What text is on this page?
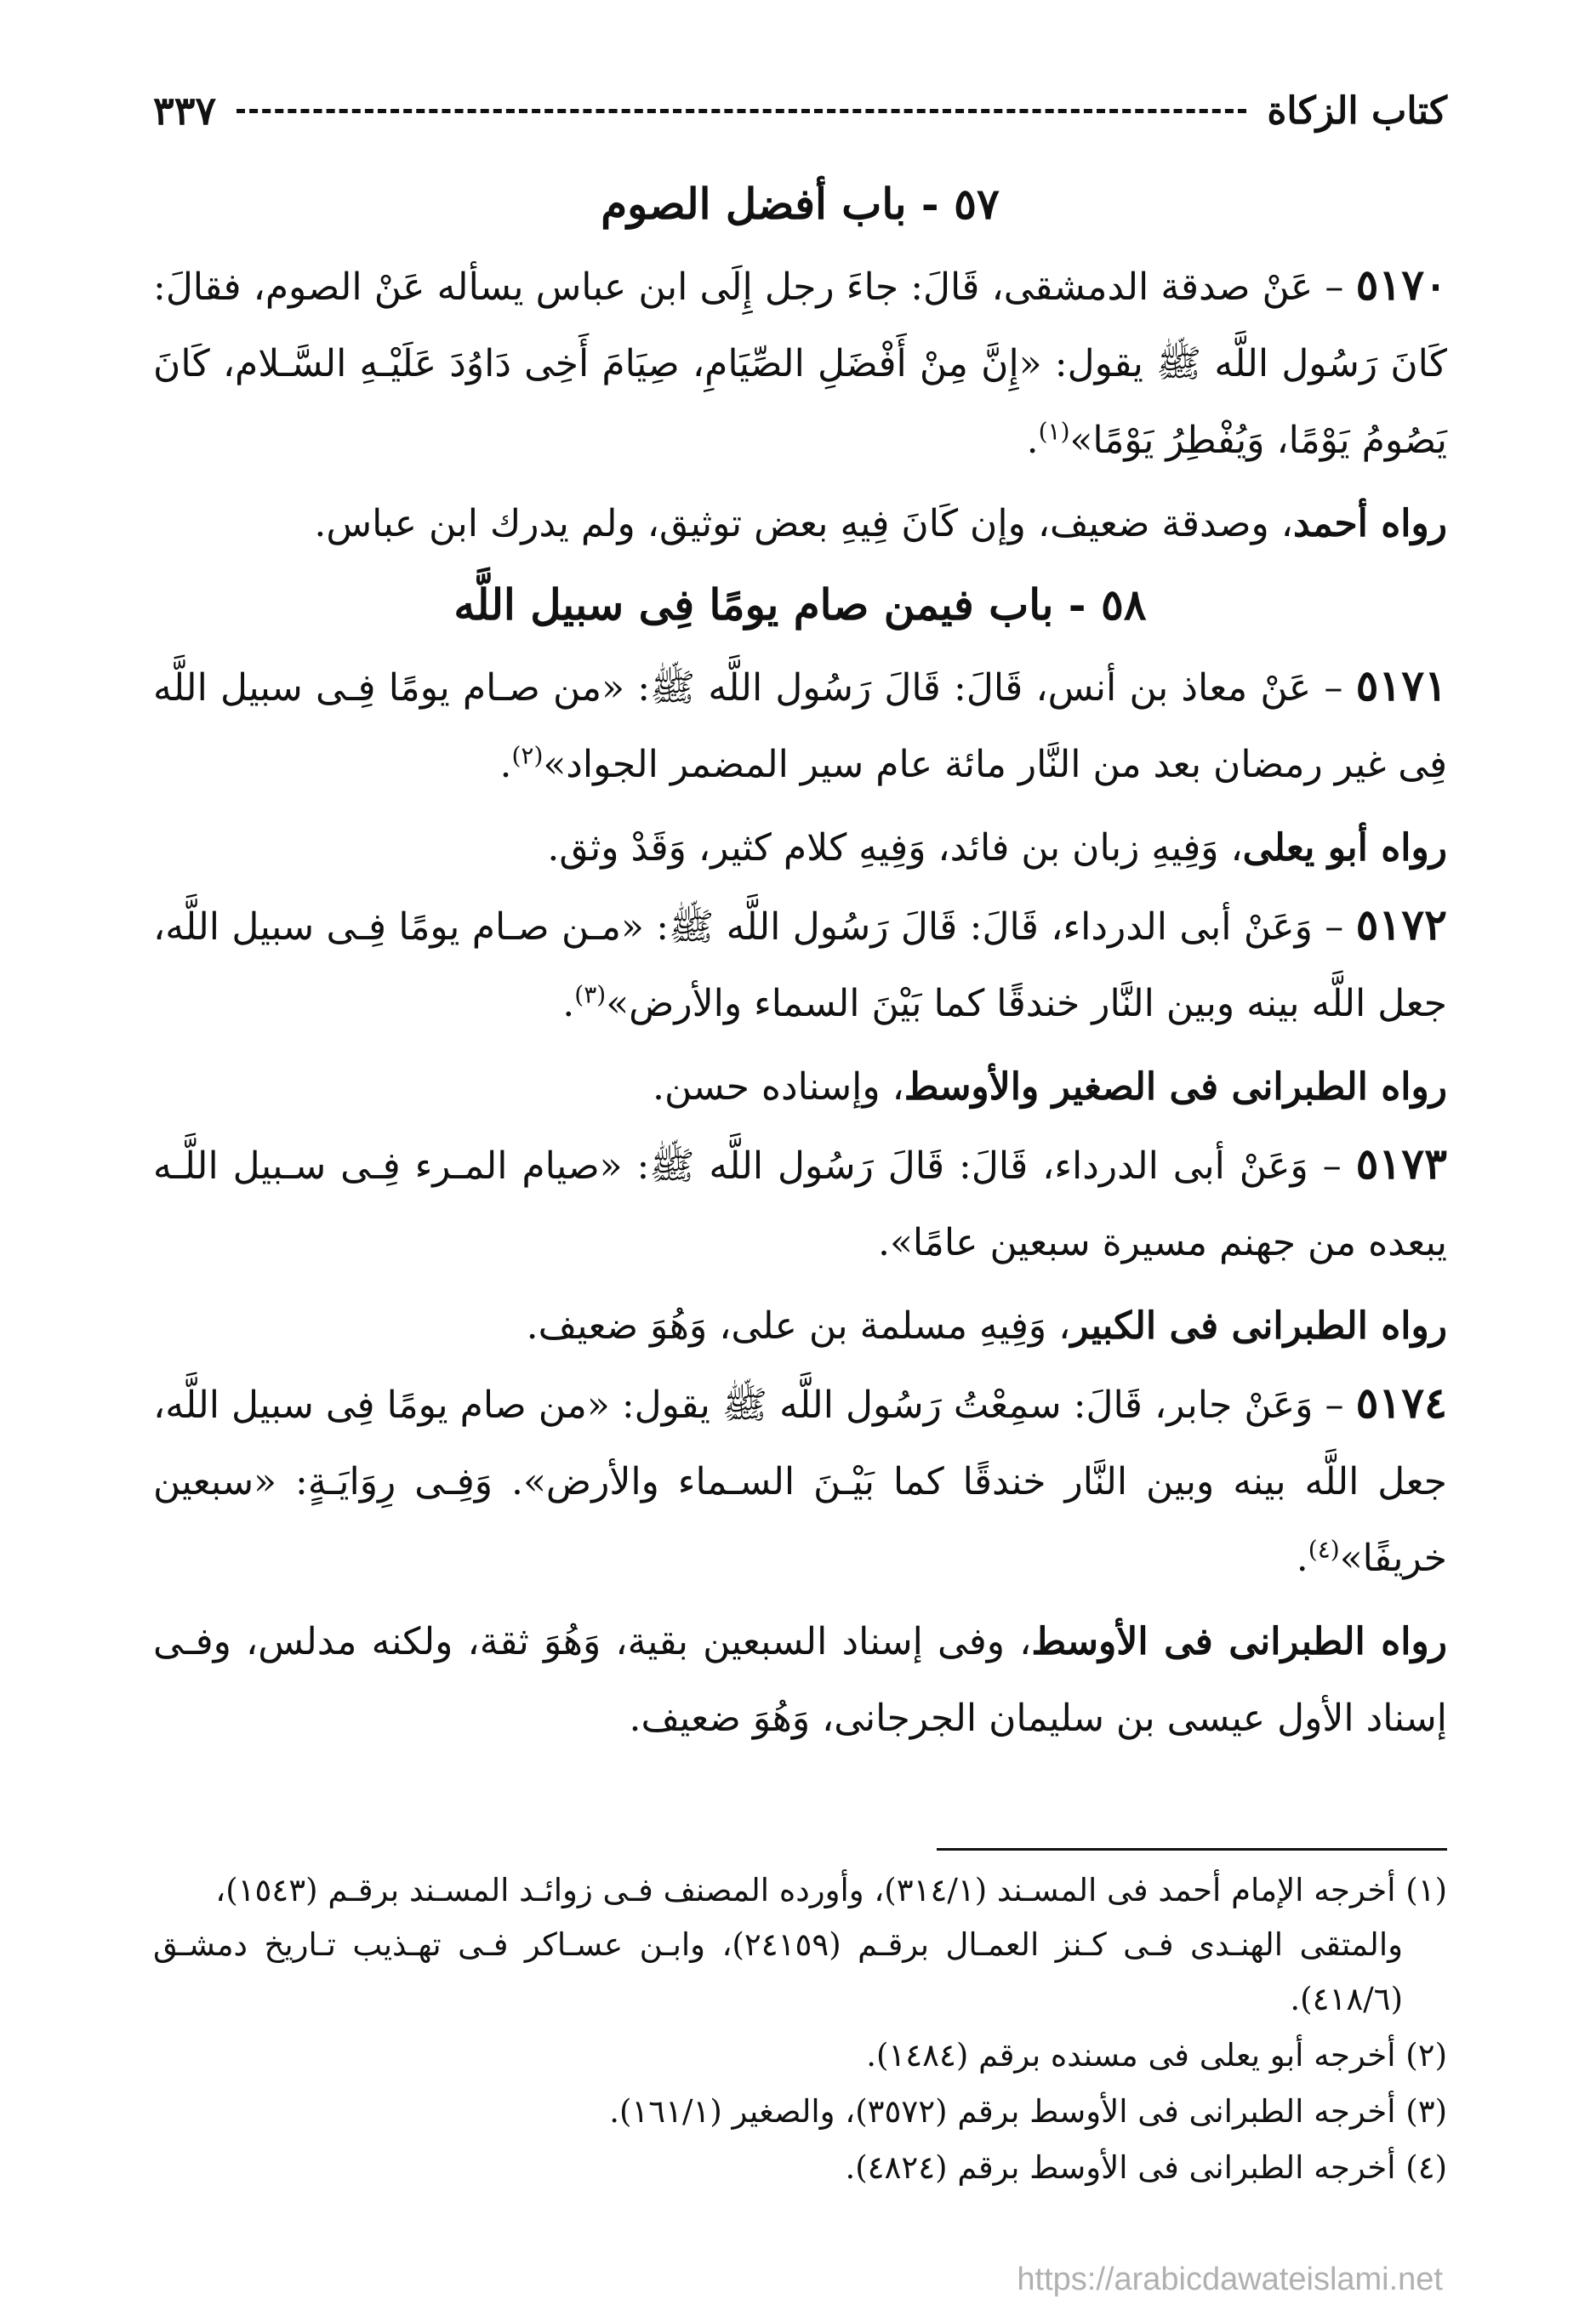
كتاب الزكاة
٣٣٧
٥٧ - باب أفضل الصوم

٥١٧٠ – عَنْ صدقة الدمشقى، قَالَ: جاءَ رجل إِلَى ابن عباس يسأله عَنْ الصوم، فقالَ: كَانَ رَسُول اللَّه ﷺ يقول: «إِنَّ مِنْ أَفْضَلِ الصِّيَامِ، صِيَامَ أَخِى دَاوُدَ عَلَيْـهِ السَّـلام، كَانَ يَصُومُ يَوْمًا، وَيُفْطِرُ يَوْمًا»$^{(١)}$.

رواه أحمد، وصدقة ضعيف، وإن كَانَ فِيهِ بعض توثيق، ولم يدرك ابن عباس.

٥٨ - باب فيمن صام يومًا فِى سبيل اللَّه

٥١٧١ – عَنْ معاذ بن أنس، قَالَ: قَالَ رَسُول اللَّه ﷺ: «من صـام يومًا فِـى سبيل اللَّه فِى غير رمضان بعد من النَّار مائة عام سير المضمر الجواد»$^{(٢)}$.

رواه أبو يعلى، وَفِيهِ زبان بن فائد، وَفِيهِ كلام كثير، وَقَدْ وثق.

٥١٧٢ – وَعَنْ أبى الدرداء، قَالَ: قَالَ رَسُول اللَّه ﷺ: «مـن صـام يومًا فِـى سبيل اللَّه، جعل اللَّه بينه وبين النَّار خندقًا كما بَيْنَ السماء والأرض»$^{(٣)}$.

رواه الطبرانى فى الصغير والأوسط، وإسناده حسن.

٥١٧٣ – وَعَنْ أبى الدرداء، قَالَ: قَالَ رَسُول اللَّه ﷺ: «صيام المـرء فِـى سـبيل اللَّـه يبعده من جهنم مسيرة سبعين عامًا».

رواه الطبرانى فى الكبير، وَفِيهِ مسلمة بن على، وَهُوَ ضعيف.

٥١٧٤ – وَعَنْ جابر، قَالَ: سمِعْتُ رَسُول اللَّه ﷺ يقول: «من صام يومًا فِى سبيل اللَّه، جعل اللَّه بينه وبين النَّار خندقًا كما بَيْـنَ السـماء والأرض». وَفِـى رِوَايَـةٍ: «سبعين خريفًا»$^{(٤)}$.

رواه الطبرانى فى الأوسط، وفى إسناد السبعين بقية، وَهُوَ ثقة، ولكنه مدلس، وفـى إسناد الأول عيسى بن سليمان الجرجانى، وَهُوَ ضعيف.

(١) أخرجه الإمام أحمد فى المسـند (٣١٤/١)، وأورده المصنف فـى زوائـد المسـند برقـم (١٥٤٣)،
والمتقى الهنـدى فـى كـنز العمـال برقـم (٢٤١٥٩)، وابـن عسـاكر فـى تهـذيب تـاريخ دمشـق (٤١٨/٦).
(٢) أخرجه أبو يعلى فى مسنده برقم (١٤٨٤).
(٣) أخرجه الطبرانى فى الأوسط برقم (٣٥٧٢)، والصغير (١٦١/١).
(٤) أخرجه الطبرانى فى الأوسط برقم (٤٨٢٤).
https://arabicdawateislami.net
